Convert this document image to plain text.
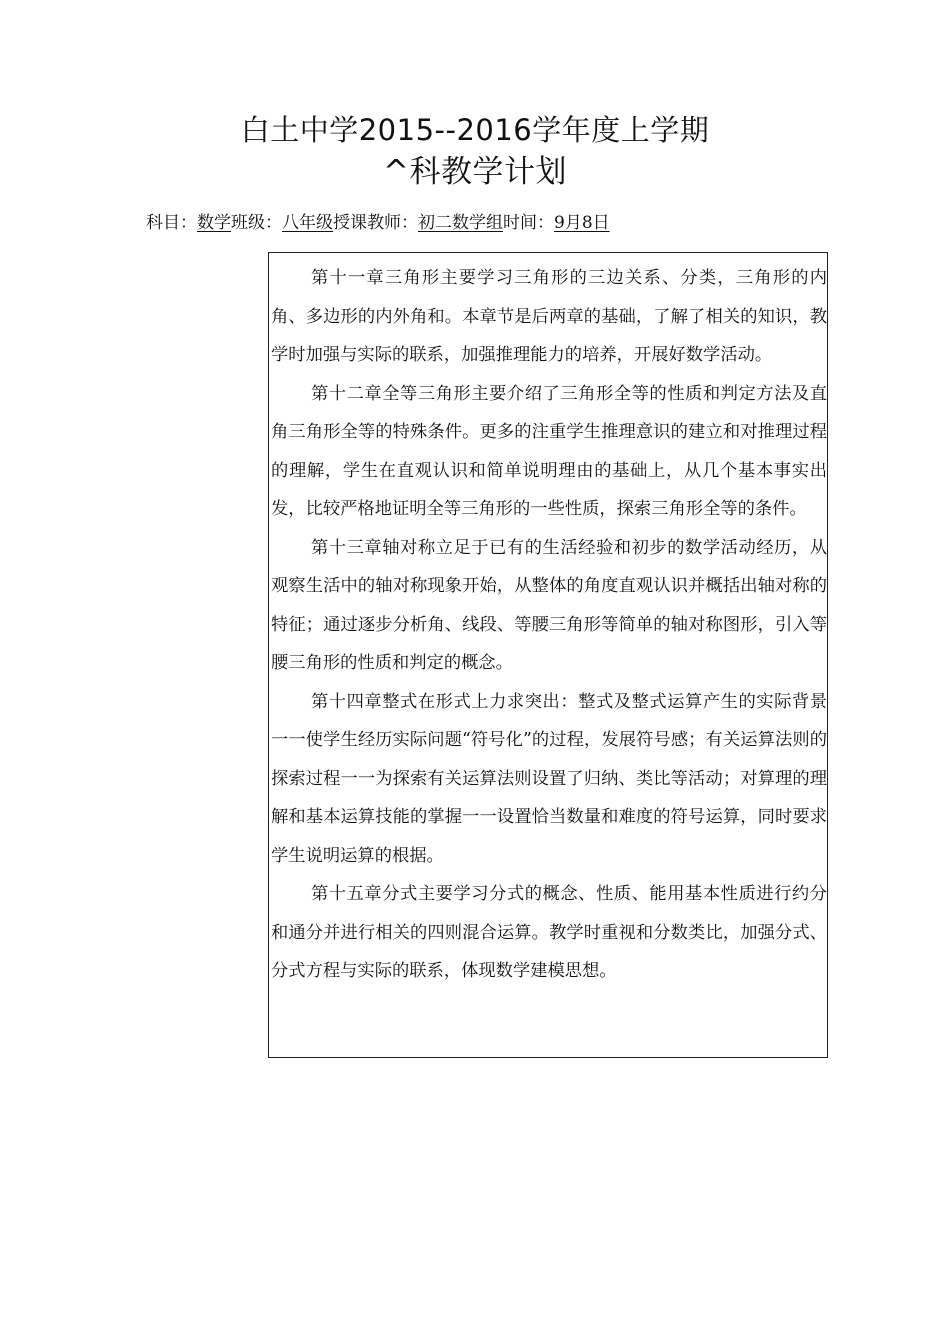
白土中学2015--2016学年度上学期
^科教学计划
科目：数学班级：八年级授课教师：初二数学组时间：9月8日

第十一章三角形主要学习三角形的三边关系、分类，三角形的内角、多边形的内外角和。本章节是后两章的基础，了解了相关的知识，教学时加强与实际的联系，加强推理能力的培养，开展好数学活动。

第十二章全等三角形主要介绍了三角形全等的性质和判定方法及直角三角形全等的特殊条件。更多的注重学生推理意识的建立和对推理过程的理解，学生在直观认识和简单说明理由的基础上，从几个基本事实出发，比较严格地证明全等三角形的一些性质，探索三角形全等的条件。

第十三章轴对称立足于已有的生活经验和初步的数学活动经历，从观察生活中的轴对称现象开始，从整体的角度直观认识并概括出轴对称的特征；通过逐步分析角、线段、等腰三角形等简单的轴对称图形，引入等腰三角形的性质和判定的概念。

第十四章整式在形式上力求突出：整式及整式运算产生的实际背景一一使学生经历实际问题“符号化”的过程，发展符号感；有关运算法则的探索过程一一为探索有关运算法则设置了归纳、类比等活动；对算理的理解和基本运算技能的掌握一一设置恰当数量和难度的符号运算，同时要求学生说明运算的根据。

第十五章分式主要学习分式的概念、性质、能用基本性质进行约分和通分并进行相关的四则混合运算。教学时重视和分数类比，加强分式、分式方程与实际的联系，体现数学建模思想。
